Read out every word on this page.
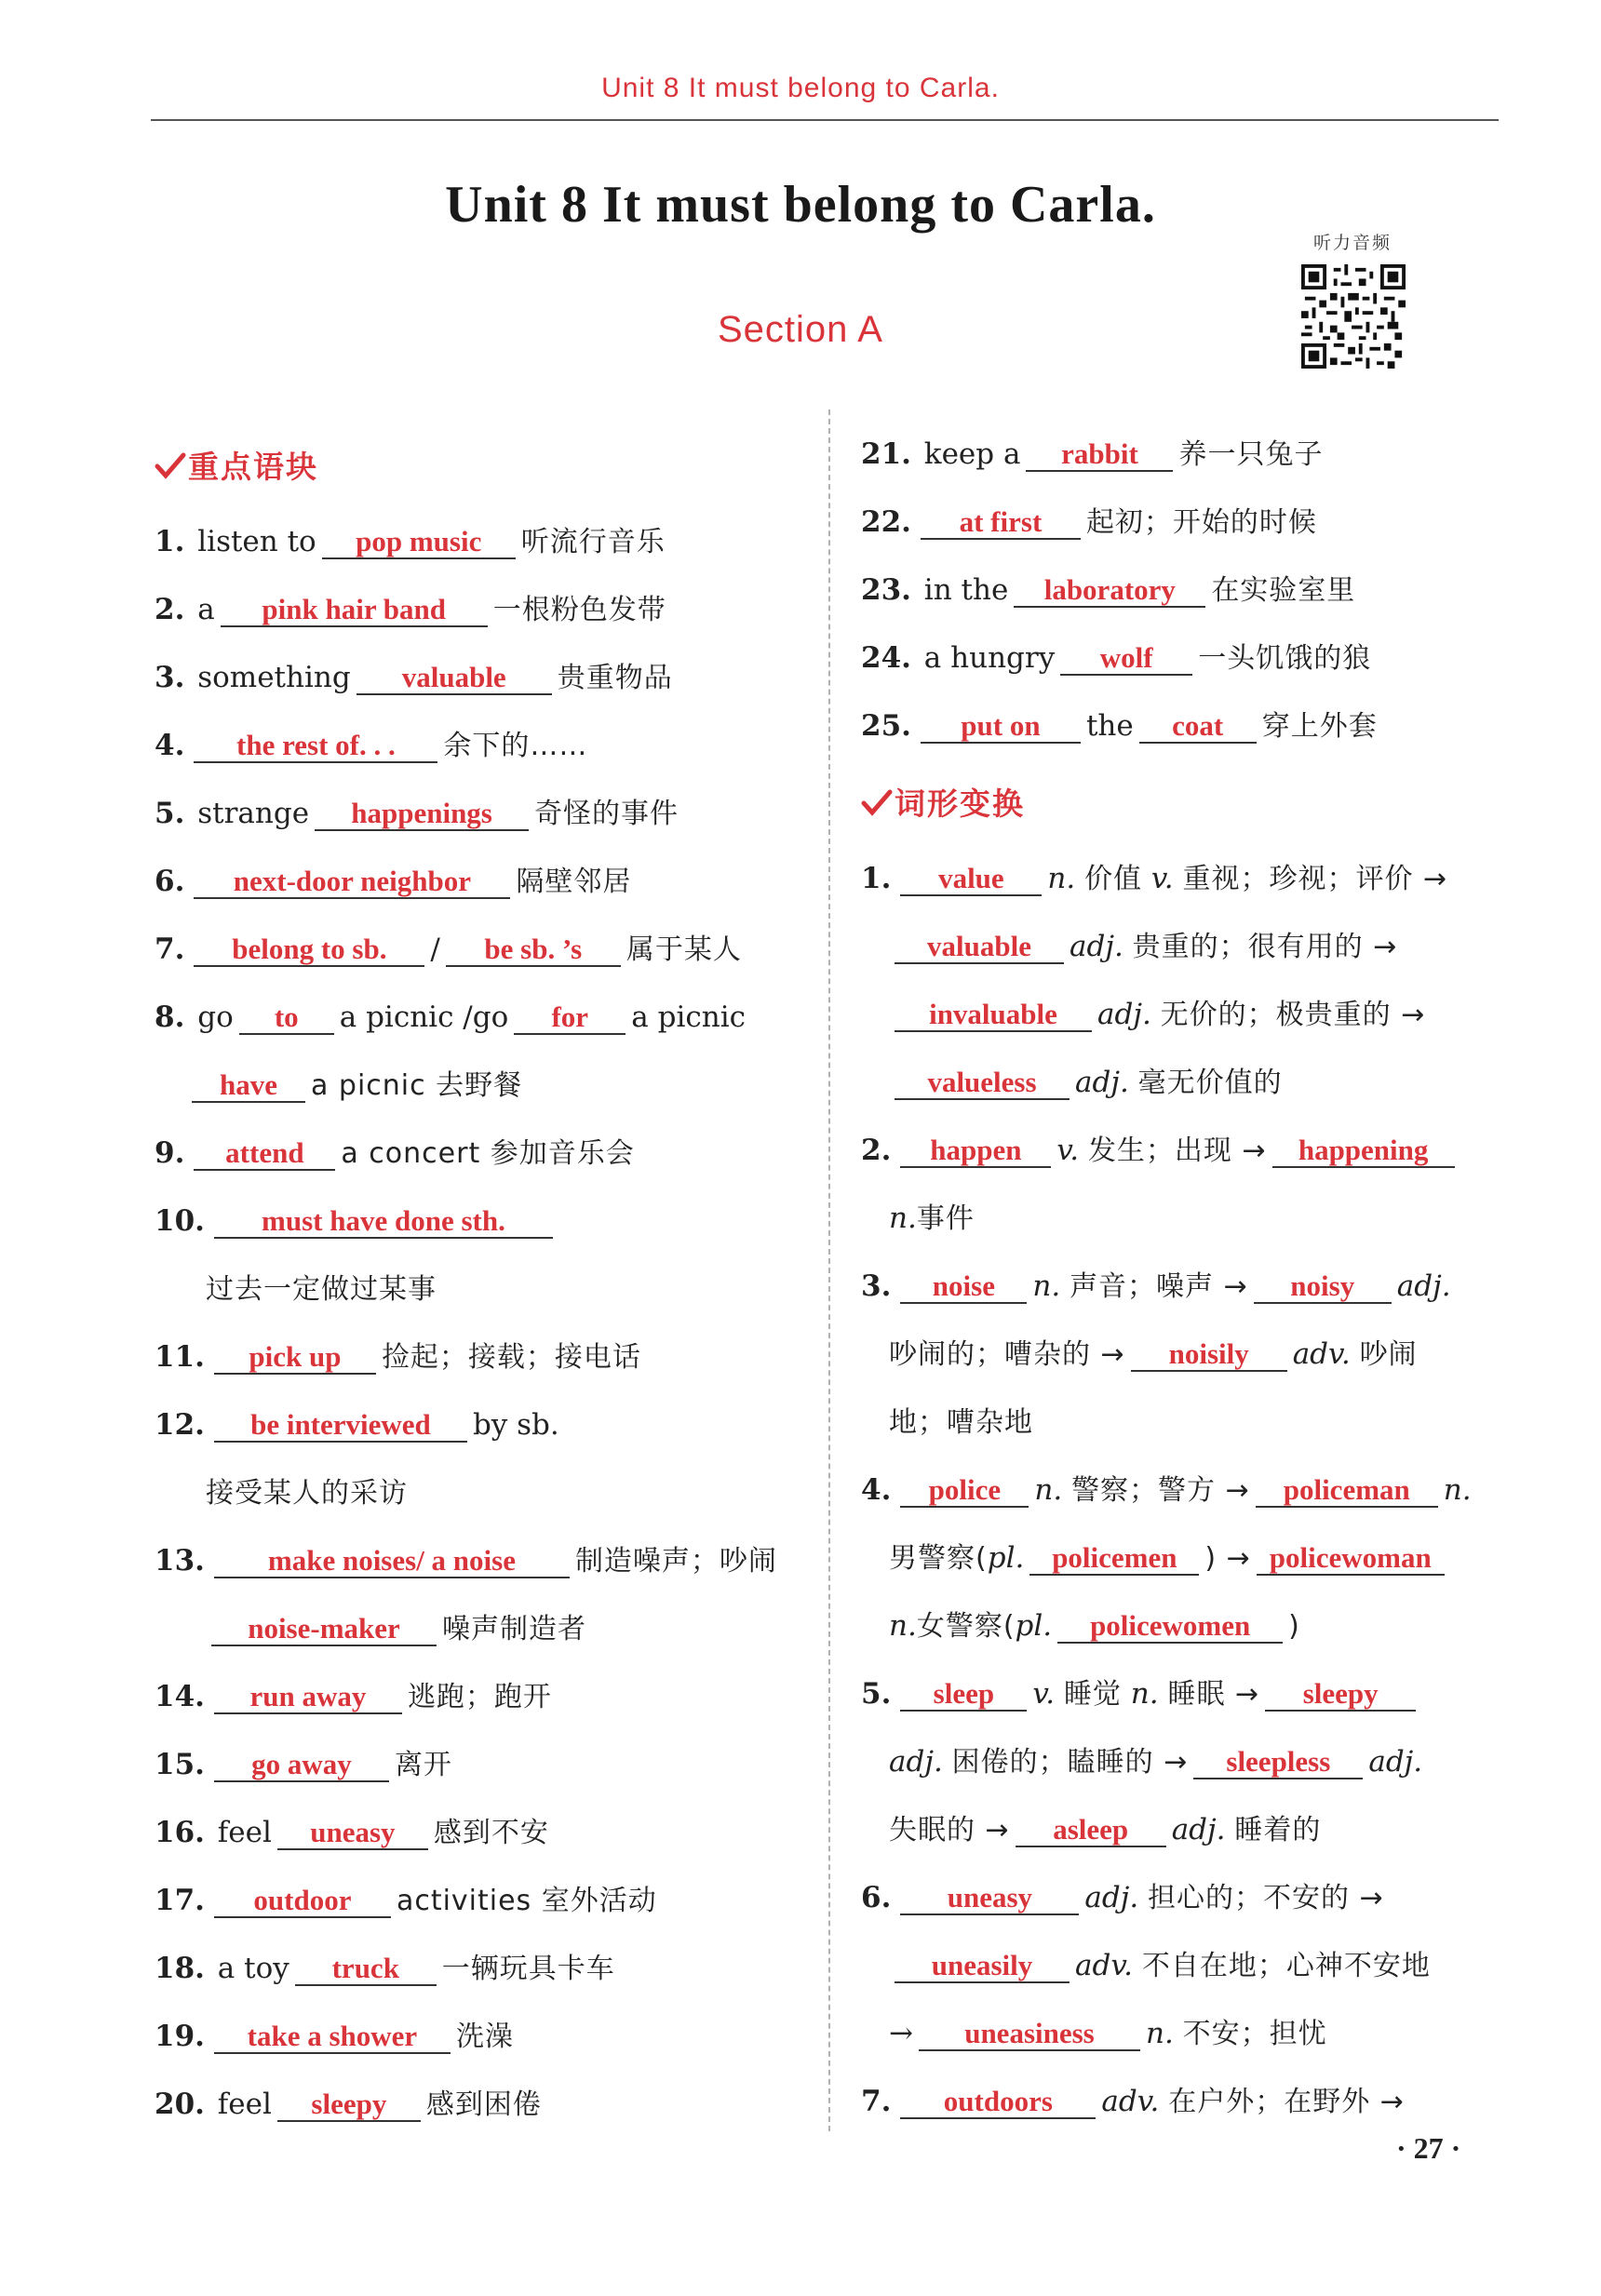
Unit 8 It must belong to Carla.
Unit 8 It must belong to Carla.
Section A
听力音频
重点语块
1. listen to pop music 听流行音乐
2. a pink hair band 一根粉色发带
3. something valuable 贵重物品
4. the rest of. . . 余下的……
5. strange happenings 奇怪的事件
6. next-door neighbor 隔壁邻居
7. belong to sb. / be sb. ’s 属于某人
8. go to a picnic /go for a picnic
have a picnic 去野餐
9. attend a concert 参加音乐会
10. must have done sth.
过去一定做过某事
11. pick up 捡起；接载；接电话
12. be interviewed by sb.
接受某人的采访
13. make noises/ a noise 制造噪声；吵闹
noise-maker 噪声制造者
14. run away 逃跑；跑开
15. go away 离开
16. feel uneasy 感到不安
17. outdoor activities 室外活动
18. a toy truck 一辆玩具卡车
19. take a shower 洗澡
20. feel sleepy 感到困倦
21. keep a rabbit 养一只兔子
22. at first 起初；开始的时候
23. in the laboratory 在实验室里
24. a hungry wolf 一头饥饿的狼
25. put on the coat 穿上外套
词形变换
1. value n. 价值 v. 重视；珍视；评价 →
valuable adj. 贵重的；很有用的 →
invaluable adj. 无价的；极贵重的 →
valueless adj. 毫无价值的
2. happen v. 发生；出现 → happening
n.事件
3. noise n. 声音；噪声 → noisy adj.
吵闹的；嘈杂的 → noisily adv. 吵闹
地；嘈杂地
4. police n. 警察；警方 → policeman n.
男警察(pl. policemen ) → policewoman
n.女警察(pl. policewomen )
5. sleep v. 睡觉 n. 睡眠 → sleepy
adj. 困倦的；瞌睡的 → sleepless adj.
失眠的 → asleep adj. 睡着的
6. uneasy adj. 担心的；不安的 →
uneasily adv. 不自在地；心神不安地
→ uneasiness n. 不安；担忧
7. outdoors adv. 在户外；在野外 →
· 27 ·
